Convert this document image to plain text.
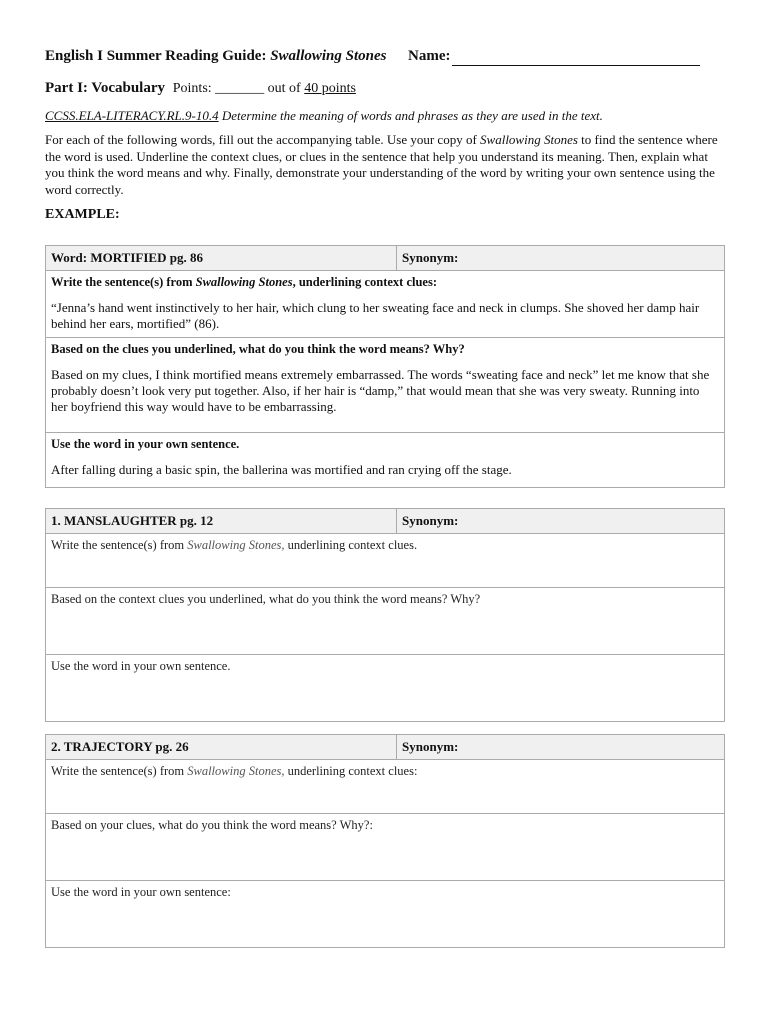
English I Summer Reading Guide: Swallowing Stones Name:
Part I: Vocabulary Points: _______ out of 40 points
CCSS.ELA-LITERACY.RL.9-10.4 Determine the meaning of words and phrases as they are used in the text.
For each of the following words, fill out the accompanying table. Use your copy of Swallowing Stones to find the sentence where the word is used. Underline the context clues, or clues in the sentence that help you understand its meaning. Then, explain what you think the word means and why. Finally, demonstrate your understanding of the word by writing your own sentence using the word correctly.
EXAMPLE:
Word: MORTIFIED pg. 86	Synonym:

Write the sentence(s) from Swallowing Stones, underlining context clues:
“Jenna’s hand went instinctively to her hair, which clung to her sweating face and neck in clumps. She shoved her damp hair behind her ears, mortified” (86).

Based on the clues you underlined, what do you think the word means? Why?
Based on my clues, I think mortified means extremely embarrassed. The words “sweating face and neck” let me know that she probably doesn’t look very put together. Also, if her hair is “damp,” that would mean that she was very sweaty. Running into her boyfriend this way would have to be embarrassing.

Use the word in your own sentence.
After falling during a basic spin, the ballerina was mortified and ran crying off the stage.
1. MANSLAUGHTER pg. 12	Synonym:

Write the sentence(s) from Swallowing Stones, underlining context clues.

Based on the context clues you underlined, what do you think the word means? Why?

Use the word in your own sentence.
2. TRAJECTORY pg. 26	Synonym:

Write the sentence(s) from Swallowing Stones, underlining context clues:

Based on your clues, what do you think the word means? Why?:

Use the word in your own sentence:
